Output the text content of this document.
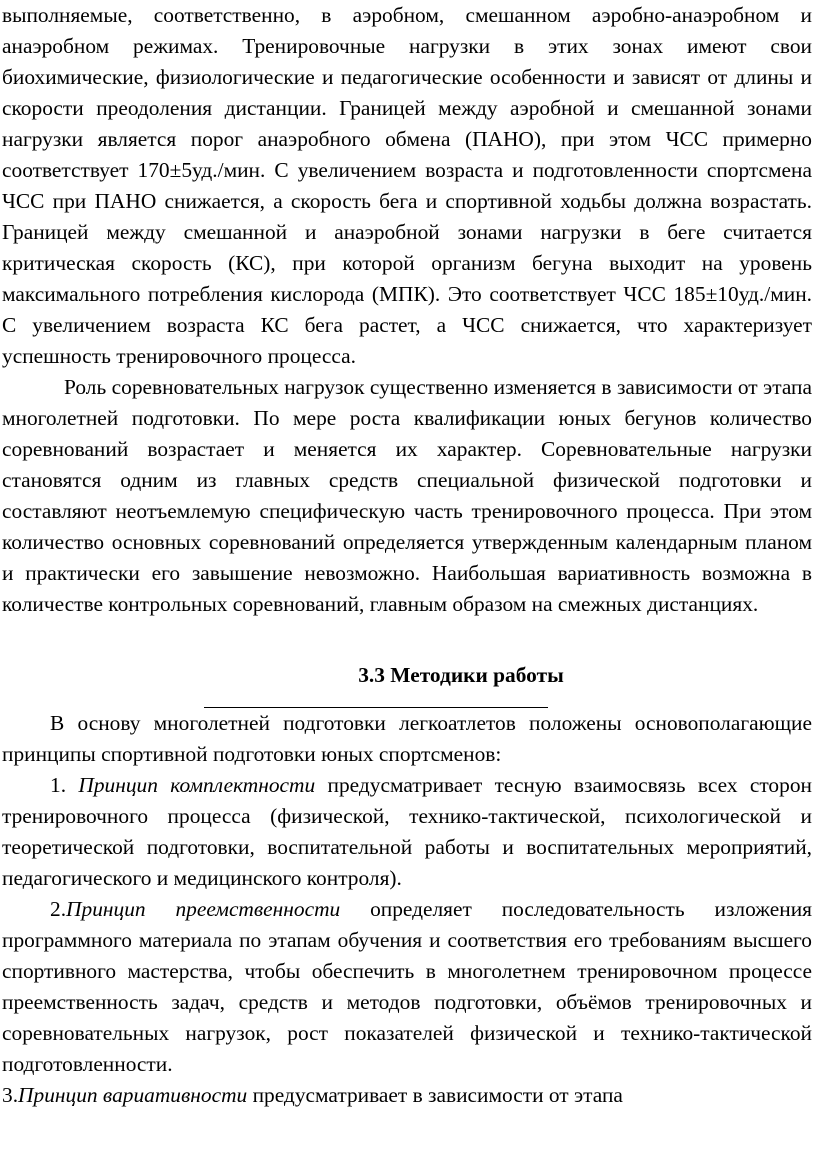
выполняемые, соответственно, в аэробном, смешанном аэробно-анаэробном и анаэробном режимах. Тренировочные нагрузки в этих зонах имеют свои биохимические, физиологические и педагогические особенности и зависят от длины и скорости преодоления дистанции. Границей между аэробной и смешанной зонами нагрузки является порог анаэробного обмена (ПАНО), при этом ЧСС примерно соответствует 170±5уд./мин. С увеличением возраста и подготовленности спортсмена ЧСС при ПАНО снижается, а скорость бега и спортивной ходьбы должна возрастать. Границей между смешанной и анаэробной зонами нагрузки в беге считается критическая скорость (КС), при которой организм бегуна выходит на уровень максимального потребления кислорода (МПК). Это соответствует ЧСС 185±10уд./мин. С увеличением возраста КС бега растет, а ЧСС снижается, что характеризует успешность тренировочного процесса.

Роль соревновательных нагрузок существенно изменяется в зависимости от этапа многолетней подготовки. По мере роста квалификации юных бегунов количество соревнований возрастает и меняется их характер. Соревновательные нагрузки становятся одним из главных средств специальной физической подготовки и составляют неотъемлемую специфическую часть тренировочного процесса. При этом количество основных соревнований определяется утвержденным календарным планом и практически его завышение невозможно. Наибольшая вариативность возможна в количестве контрольных соревнований, главным образом на смежных дистанциях.

3.3 Методики работы

В основу многолетней подготовки легкоатлетов положены основополагающие принципы спортивной подготовки юных спортсменов:

1. Принцип комплектности предусматривает тесную взаимосвязь всех сторон тренировочного процесса (физической, технико-тактической, психологической и теоретической подготовки, воспитательной работы и воспитательных мероприятий, педагогического и медицинского контроля).

2.Принцип преемственности определяет последовательность изложения программного материала по этапам обучения и соответствия его требованиям высшего спортивного мастерства, чтобы обеспечить в многолетнем тренировочном процессе преемственность задач, средств и методов подготовки, объёмов тренировочных и соревновательных нагрузок, рост показателей физической и технико-тактической подготовленности.

3.Принцип вариативности предусматривает в зависимости от этапа
